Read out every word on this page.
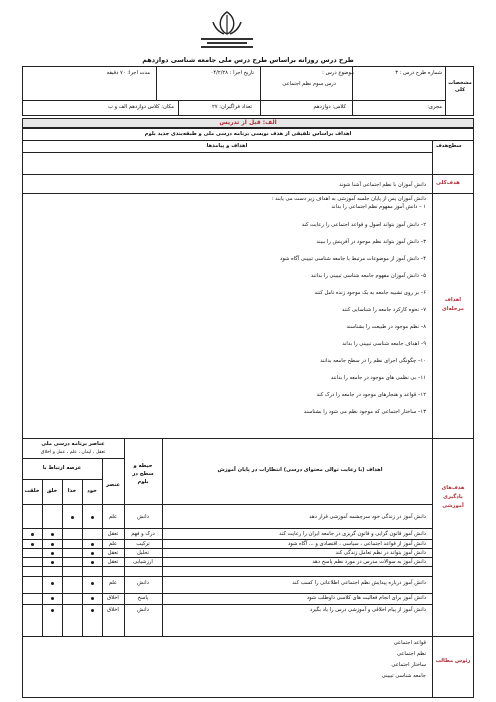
طرح درس روزانه براساس طرح درس ملی جامعه شناسی دوازدهم
مشخصات کلی
شماره طرح درس : ۳
موضوع درس :
درس سوم نظم اجتماعی
تاریخ اجرا : ۰۴/۲/۲۸
مدت اجرا: ۷۰ دقیقه
مجری:
کلاس: دوازدهم
تعداد فراگیران: ۲۷
مکان: کلاس دوازدهم الف و ب
الف: قبل از تدریس
اهداف براساس تلفیقی از هدف نویسی برنامه درسی ملی و طبقه‌بندی جدید بلوم
سطح‌هدف
اهداف و پیامدها
هدف‌کلی
دانش آموزان با نظم اجتماعی آشنا شوند
اهداف مرحله‌ای
دانش آموزان پس از پایان جلسه آموزشی به اهداف زیر دست می یابند :
۱ – دانش آموز مفهوم نظم اجتماعی را بداند
۲– دانش آموز بتواند اصول و قواعد اجتماعی را رعایت کند
۳– دانش آموز بتواند نظم موجود در آفرینش را ببیند
۴– دانش آموز از موضوعات مرتبط با جامعه شناسی تبیینی آگاه شود
۵– دانش آموزان مفهوم جامعه شناسی تبیینی را بدانند
۶– بر روی تشبیه جامعه به یک موجود زنده تامل کنند
۷– نحوه کارکرد جامعه را شناسایی کنند
۸– نظم موجود در طبیعت را بشناسند
۹– اهداف جامعه شناسی تبیینی را بداند
۱۰– چگونگی اجرای نظم را در سطح جامعه بدانند
۱۱– بی نظمی های موجود در جامعه را بدانند
۱۲– قواعد و هنجارهای موجود در جامعه را درک کند
۱۳– ساختار اجتماعی که موجود نظم می شود را بشناسند
هدف‌های یادگیری آموزشی
عناصر برنامه درسی ملی
تعقل ، ایمان ، علم ، عمل و اخلاق
عرصه ارتباط با
خود
خدا
خلق
خلقت
عنصر
حیطه و سطح در بلوم
اهداف (با رعایت توالی محتوای درسی) انتظارات در پایان آموزش
دانش آموز در زندگی خود سرچشمه آموزشی قرار دهد
دانش
علم
دانش آموز قانون گرایی و قانون گریزی در جامعه ایران را رعایت کند
درک و فهم
تعقل
دانش آموز از قواعد اجتماعی ، سیاسی ، اقتصادی و ... آگاه شود
ترکیب
علم
دانش آموز بتواند در نظم تعامل زندگی کند
تحلیل
تعقل
دانش آموز به سوالات مدرس در مورد نظم پاسخ دهد
ارزشیابی
تعقل
دانش آموز درباره پیدایش نظم اجتماعی اطلاعاتی را کسب کند
دانش
علم
دانش آموز برای انجام فعالیت های کلاسی داوطلب شود
پاسخ
اخلاق
دانش آموز از پیام اخلاقی و آموزشی درس را یاد بگیرد
دانش
اخلاق
رئوس مطالب
قواعد اجتماعی
نظم اجتماعی
ساختار اجتماعی
جامعه شناسی تبیینی
